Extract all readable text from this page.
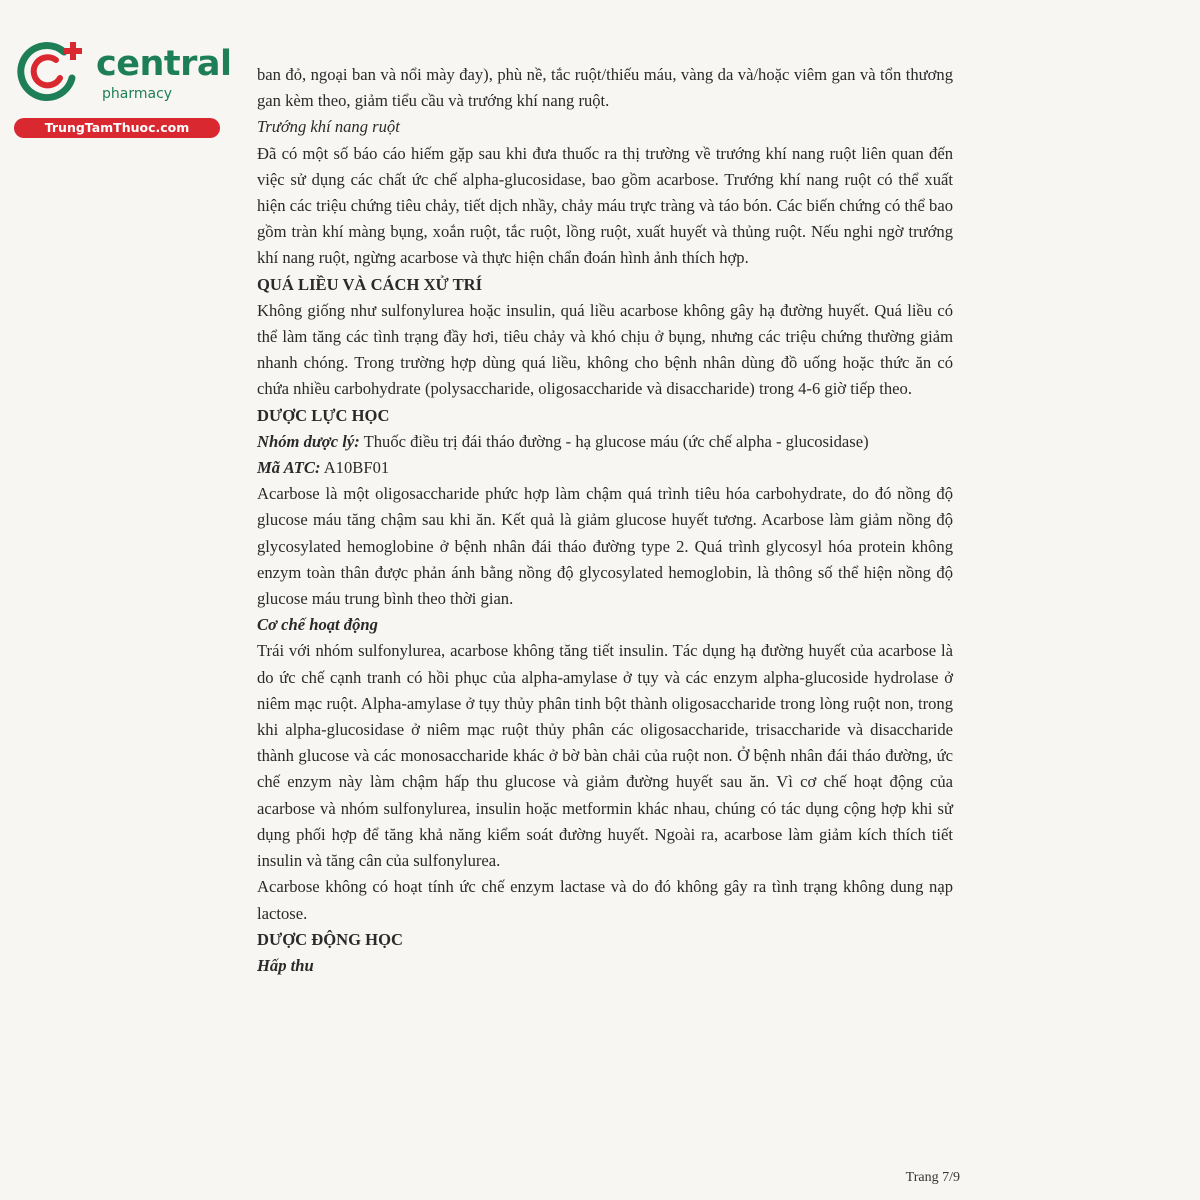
central
pharmacy
TrungTamThuoc.com

ban đỏ, ngoại ban và nổi mày đay), phù nề, tắc ruột/thiếu máu, vàng da và/hoặc viêm gan và tổn thương gan kèm theo, giảm tiểu cầu và trướng khí nang ruột.

Trướng khí nang ruột

Đã có một số báo cáo hiếm gặp sau khi đưa thuốc ra thị trường về trướng khí nang ruột liên quan đến việc sử dụng các chất ức chế alpha-glucosidase, bao gồm acarbose. Trướng khí nang ruột có thể xuất hiện các triệu chứng tiêu chảy, tiết dịch nhầy, chảy máu trực tràng và táo bón. Các biến chứng có thể bao gồm tràn khí màng bụng, xoắn ruột, tắc ruột, lồng ruột, xuất huyết và thủng ruột. Nếu nghi ngờ trướng khí nang ruột, ngừng acarbose và thực hiện chẩn đoán hình ảnh thích hợp.

QUÁ LIỀU VÀ CÁCH XỬ TRÍ

Không giống như sulfonylurea hoặc insulin, quá liều acarbose không gây hạ đường huyết. Quá liều có thể làm tăng các tình trạng đầy hơi, tiêu chảy và khó chịu ở bụng, nhưng các triệu chứng thường giảm nhanh chóng. Trong trường hợp dùng quá liều, không cho bệnh nhân dùng đồ uống hoặc thức ăn có chứa nhiều carbohydrate (polysaccharide, oligosaccharide và disaccharide) trong 4-6 giờ tiếp theo.

DƯỢC LỰC HỌC

Nhóm dược lý: Thuốc điều trị đái tháo đường - hạ glucose máu (ức chế alpha - glucosidase)

Mã ATC: A10BF01

Acarbose là một oligosaccharide phức hợp làm chậm quá trình tiêu hóa carbohydrate, do đó nồng độ glucose máu tăng chậm sau khi ăn. Kết quả là giảm glucose huyết tương. Acarbose làm giảm nồng độ glycosylated hemoglobine ở bệnh nhân đái tháo đường type 2. Quá trình glycosyl hóa protein không enzym toàn thân được phản ánh bằng nồng độ glycosylated hemoglobin, là thông số thể hiện nồng độ glucose máu trung bình theo thời gian.

Cơ chế hoạt động

Trái với nhóm sulfonylurea, acarbose không tăng tiết insulin. Tác dụng hạ đường huyết của acarbose là do ức chế cạnh tranh có hồi phục của alpha-amylase ở tụy và các enzym alpha-glucoside hydrolase ở niêm mạc ruột. Alpha-amylase ở tụy thủy phân tinh bột thành oligosaccharide trong lòng ruột non, trong khi alpha-glucosidase ở niêm mạc ruột thủy phân các oligosaccharide, trisaccharide và disaccharide thành glucose và các monosaccharide khác ở bờ bàn chải của ruột non. Ở bệnh nhân đái tháo đường, ức chế enzym này làm chậm hấp thu glucose và giảm đường huyết sau ăn. Vì cơ chế hoạt động của acarbose và nhóm sulfonylurea, insulin hoặc metformin khác nhau, chúng có tác dụng cộng hợp khi sử dụng phối hợp để tăng khả năng kiểm soát đường huyết. Ngoài ra, acarbose làm giảm kích thích tiết insulin và tăng cân của sulfonylurea.

Acarbose không có hoạt tính ức chế enzym lactase và do đó không gây ra tình trạng không dung nạp lactose.

DƯỢC ĐỘNG HỌC

Hấp thu

Trang 7/9
